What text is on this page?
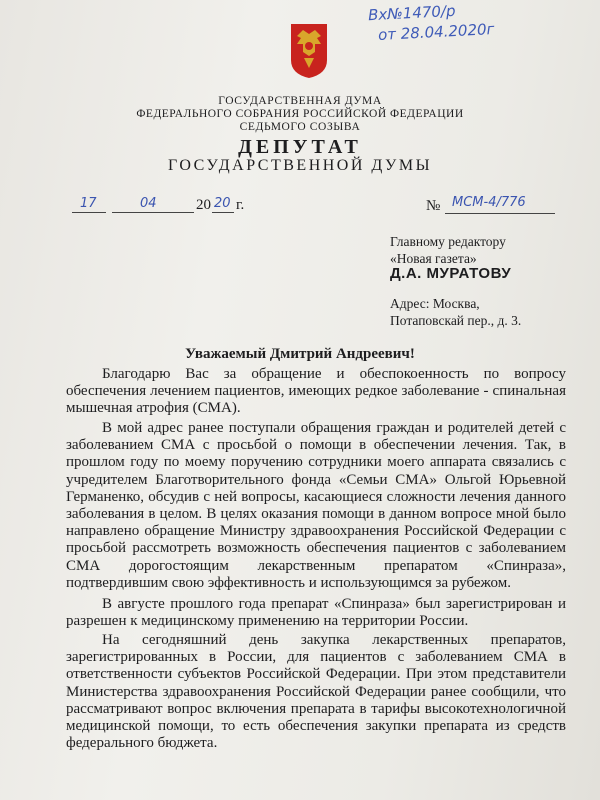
Вх№1470/р
от 28.04.2020г
ГОСУДАРСТВЕННАЯ ДУМА
ФЕДЕРАЛЬНОГО СОБРАНИЯ РОССИЙСКОЙ ФЕДЕРАЦИИ
СЕДЬМОГО СОЗЫВА
ДЕПУТАТ
ГОСУДАРСТВЕННОЙ ДУМЫ
17	04	20 20 г.	№ МСМ-4/776
Главному редактору
«Новая газета»
Д.А. МУРАТОВУ
Адрес: Москва,
Потаповскай пер., д. 3.
Уважаемый Дмитрий Андреевич!
Благодарю Вас за обращение и обеспокоенность по вопросу обеспечения лечением пациентов, имеющих редкое заболевание - спинальная мышечная атрофия (СМА).
В мой адрес ранее поступали обращения граждан и родителей детей с заболеванием СМА с просьбой о помощи в обеспечении лечения. Так, в прошлом году по моему поручению сотрудники моего аппарата связались с учредителем Благотворительного фонда «Семьи СМА» Ольгой Юрьевной Германенко, обсудив с ней вопросы, касающиеся сложности лечения данного заболевания в целом. В целях оказания помощи в данном вопросе мной было направлено обращение Министру здравоохранения Российской Федерации с просьбой рассмотреть возможность обеспечения пациентов с заболеванием СМА дорогостоящим лекарственным препаратом «Спинраза», подтвердившим свою эффективность и использующимся за рубежом.
В августе прошлого года препарат «Спинраза» был зарегистрирован и разрешен к медицинскому применению на территории России.
На сегодняшний день закупка лекарственных препаратов, зарегистрированных в России, для пациентов с заболеванием СМА в ответственности субъектов Российской Федерации. При этом представители Министерства здравоохранения Российской Федерации ранее сообщили, что рассматривают вопрос включения препарата в тарифы высокотехнологичной медицинской помощи, то есть обеспечения закупки препарата из средств федерального бюджета.
